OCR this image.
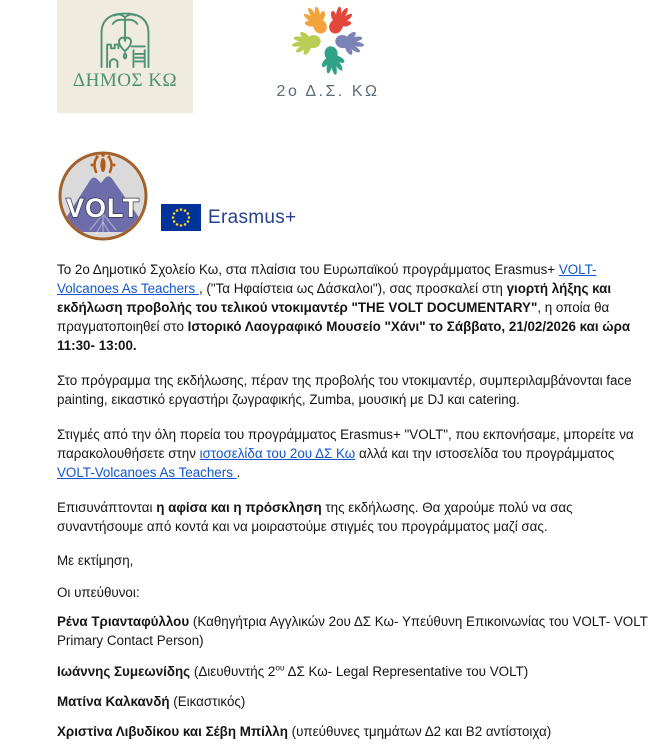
ΔΗΜΟΣ ΚΩ
2ο Δ.Σ. ΚΩ
VOLT	Erasmus+

Το 2ο Δημοτικό Σχολείο Κω, στα πλαίσια του Ευρωπαϊκού προγράμματος Erasmus+ VOLT-Volcanoes As Teachers , ("Τα Ηφαίστεια ως Δάσκαλοι"), σας προσκαλεί στη γιορτή λήξης και εκδήλωση προβολής του τελικού ντοκιμαντέρ "THE VOLT DOCUMENTARY", η οποία θα πραγματοποιηθεί στο Ιστορικό Λαογραφικό Μουσείο "Χάνι" το Σάββατο, 21/02/2026 και ώρα 11:30- 13:00.

Στο πρόγραμμα της εκδήλωσης, πέραν της προβολής του ντοκιμαντέρ, συμπεριλαμβάνονται face painting, εικαστικό εργαστήρι ζωγραφικής, Zumba, μουσική με DJ και catering.

Στιγμές από την όλη πορεία του προγράμματος Erasmus+ "VOLT", που εκπονήσαμε, μπορείτε να παρακολουθήσετε στην ιστοσελίδα του 2ου ΔΣ Κω αλλά και την ιστοσελίδα του προγράμματος VOLT-Volcanoes As Teachers .

Επισυνάπτονται η αφίσα και η πρόσκληση της εκδήλωσης. Θα χαρούμε πολύ να σας συναντήσουμε από κοντά και να μοιραστούμε στιγμές του προγράμματος μαζί σας.

Με εκτίμηση,

Οι υπεύθυνοι:

Ρένα Τριανταφύλλου (Καθηγήτρια Αγγλικών 2ου ΔΣ Κω- Υπεύθυνη Επικοινωνίας του VOLT- VOLT Primary Contact Person)

Ιωάννης Συμεωνίδης (Διευθυντής $2^{o\upsilon}$ ΔΣ Κω- Legal Representative του VOLT)

Ματίνα Καλκανδή (Εικαστικός)

Χριστίνα Λιβυδίκου και Σέβη Μπίλλη (υπεύθυνες τμημάτων Δ2 και Β2 αντίστοιχα)
